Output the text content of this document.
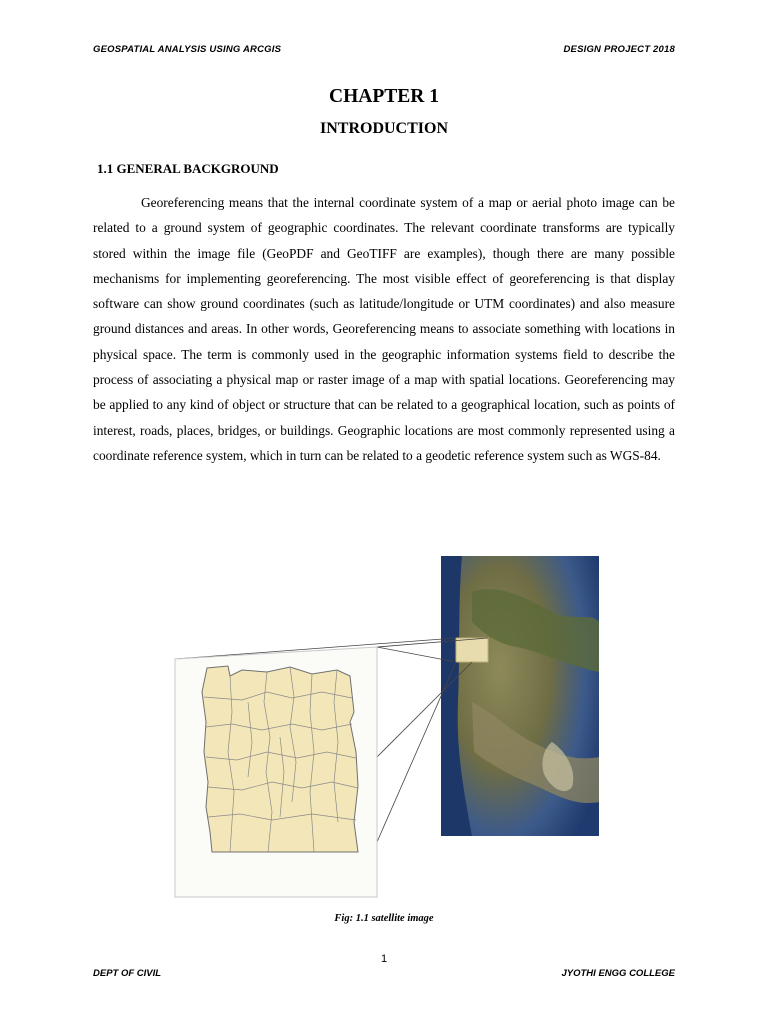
GEOSPATIAL ANALYSIS USING ARCGIS	DESIGN PROJECT 2018
CHAPTER 1
INTRODUCTION
1.1 GENERAL BACKGROUND
Georeferencing means that the internal coordinate system of a map or aerial photo image can be related to a ground system of geographic coordinates. The relevant coordinate transforms are typically stored within the image file (GeoPDF and GeoTIFF are examples), though there are many possible mechanisms for implementing georeferencing. The most visible effect of georeferencing is that display software can show ground coordinates (such as latitude/longitude or UTM coordinates) and also measure ground distances and areas. In other words, Georeferencing means to associate something with locations in physical space. The term is commonly used in the geographic information systems field to describe the process of associating a physical map or raster image of a map with spatial locations. Georeferencing may be applied to any kind of object or structure that can be related to a geographical location, such as points of interest, roads, places, bridges, or buildings. Geographic locations are most commonly represented using a coordinate reference system, which in turn can be related to a geodetic reference system such as WGS-84.
Fig: 1.1 satellite image
1
DEPT OF CIVIL	JYOTHI ENGG COLLEGE
